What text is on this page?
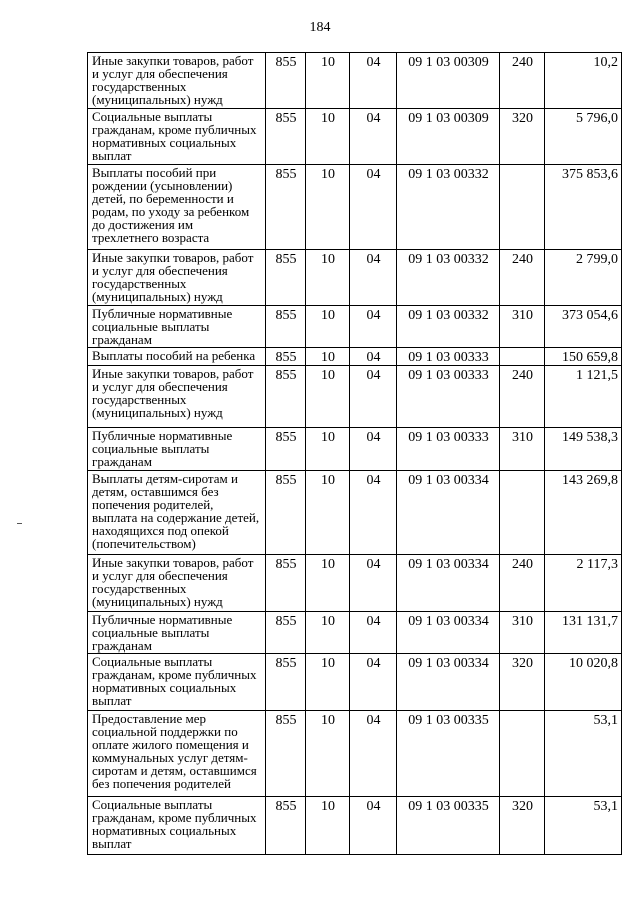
184
Иные закупки товаров, работ и услуг для обеспечения государственных (муниципальных) нужд	855	10	04	09 1 03 00309	240	10,2
Социальные выплаты гражданам, кроме публичных нормативных социальных выплат	855	10	04	09 1 03 00309	320	5 796,0
Выплаты пособий при рождении (усыновлении) детей, по беременности и родам, по уходу за ребенком до достижения им трехлетнего возраста	855	10	04	09 1 03 00332		375 853,6
Иные закупки товаров, работ и услуг для обеспечения государственных (муниципальных) нужд	855	10	04	09 1 03 00332	240	2 799,0
Публичные нормативные социальные выплаты гражданам	855	10	04	09 1 03 00332	310	373 054,6
Выплаты пособий на ребенка	855	10	04	09 1 03 00333		150 659,8
Иные закупки товаров, работ и услуг для обеспечения государственных (муниципальных) нужд	855	10	04	09 1 03 00333	240	1 121,5
Публичные нормативные социальные выплаты гражданам	855	10	04	09 1 03 00333	310	149 538,3
Выплаты детям-сиротам и детям, оставшимся без попечения родителей, выплата на содержание детей, находящихся под опекой (попечительством)	855	10	04	09 1 03 00334		143 269,8
Иные закупки товаров, работ и услуг для обеспечения государственных (муниципальных) нужд	855	10	04	09 1 03 00334	240	2 117,3
Публичные нормативные социальные выплаты гражданам	855	10	04	09 1 03 00334	310	131 131,7
Социальные выплаты гражданам, кроме публичных нормативных социальных выплат	855	10	04	09 1 03 00334	320	10 020,8
Предоставление мер социальной поддержки по оплате жилого помещения и коммунальных услуг детям-сиротам и детям, оставшимся без попечения родителей	855	10	04	09 1 03 00335		53,1
Социальные выплаты гражданам, кроме публичных нормативных социальных выплат	855	10	04	09 1 03 00335	320	53,1
